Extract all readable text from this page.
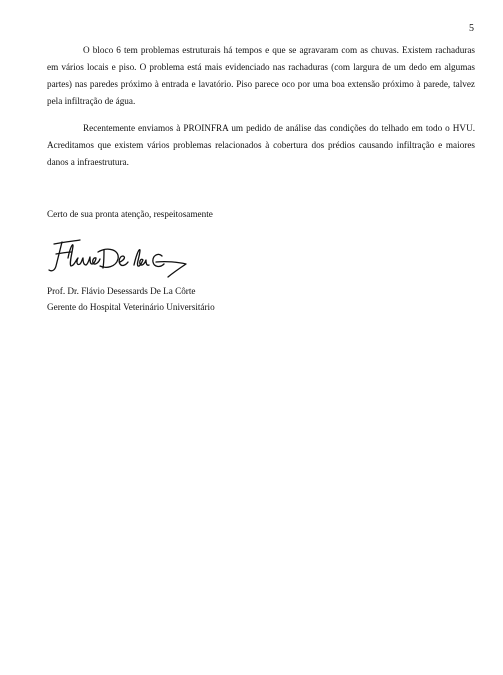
5

O bloco 6 tem problemas estruturais há tempos e que se agravaram com as chuvas. Existem rachaduras em vários locais e piso. O problema está mais evidenciado nas rachaduras (com largura de um dedo em algumas partes) nas paredes próximo à entrada e lavatório. Piso parece oco por uma boa extensão próximo à parede, talvez pela infiltração de água.

Recentemente enviamos à PROINFRA um pedido de análise das condições do telhado em todo o HVU. Acreditamos que existem vários problemas relacionados à cobertura dos prédios causando infiltração e maiores danos a infraestrutura.

Certo de sua pronta atenção, respeitosamente
Prof. Dr. Flávio Desessards De La Côrte
Gerente do Hospital Veterinário Universitário
